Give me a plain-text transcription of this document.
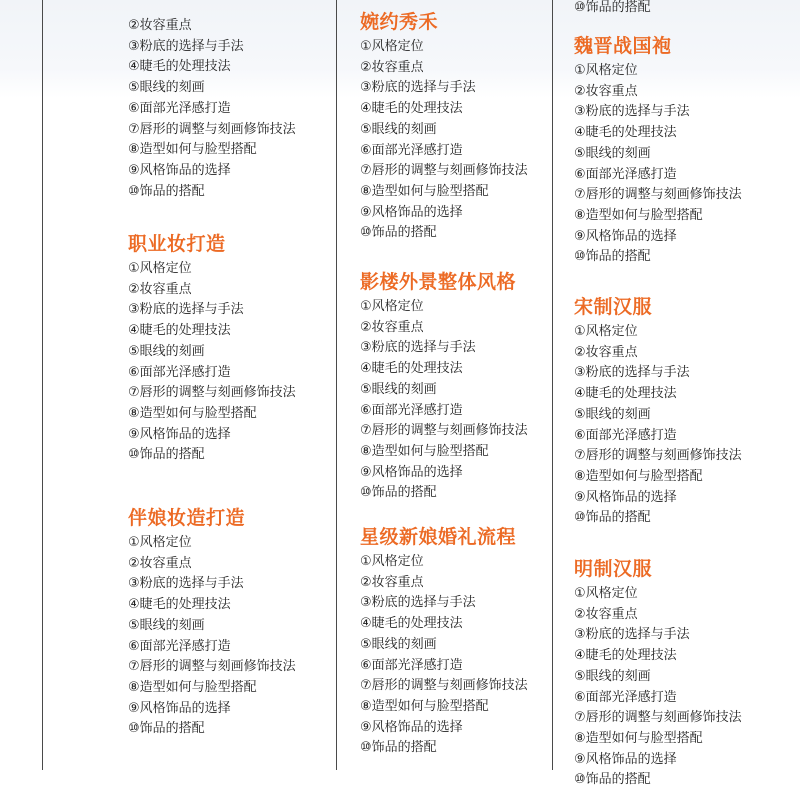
②妆容重点
③粉底的选择与手法
④睫毛的处理技法
⑤眼线的刻画
⑥面部光泽感打造
⑦唇形的调整与刻画修饰技法
⑧造型如何与脸型搭配
⑨风格饰品的选择
⑩饰品的搭配
职业妆打造
①风格定位
②妆容重点
③粉底的选择与手法
④睫毛的处理技法
⑤眼线的刻画
⑥面部光泽感打造
⑦唇形的调整与刻画修饰技法
⑧造型如何与脸型搭配
⑨风格饰品的选择
⑩饰品的搭配
伴娘妆造打造
①风格定位
②妆容重点
③粉底的选择与手法
④睫毛的处理技法
⑤眼线的刻画
⑥面部光泽感打造
⑦唇形的调整与刻画修饰技法
⑧造型如何与脸型搭配
⑨风格饰品的选择
⑩饰品的搭配
婉约秀禾
①风格定位
②妆容重点
③粉底的选择与手法
④睫毛的处理技法
⑤眼线的刻画
⑥面部光泽感打造
⑦唇形的调整与刻画修饰技法
⑧造型如何与脸型搭配
⑨风格饰品的选择
⑩饰品的搭配
影楼外景整体风格
①风格定位
②妆容重点
③粉底的选择与手法
④睫毛的处理技法
⑤眼线的刻画
⑥面部光泽感打造
⑦唇形的调整与刻画修饰技法
⑧造型如何与脸型搭配
⑨风格饰品的选择
⑩饰品的搭配
星级新娘婚礼流程
①风格定位
②妆容重点
③粉底的选择与手法
④睫毛的处理技法
⑤眼线的刻画
⑥面部光泽感打造
⑦唇形的调整与刻画修饰技法
⑧造型如何与脸型搭配
⑨风格饰品的选择
⑩饰品的搭配
⑩饰品的搭配
魏晋战国袍
①风格定位
②妆容重点
③粉底的选择与手法
④睫毛的处理技法
⑤眼线的刻画
⑥面部光泽感打造
⑦唇形的调整与刻画修饰技法
⑧造型如何与脸型搭配
⑨风格饰品的选择
⑩饰品的搭配
宋制汉服
①风格定位
②妆容重点
③粉底的选择与手法
④睫毛的处理技法
⑤眼线的刻画
⑥面部光泽感打造
⑦唇形的调整与刻画修饰技法
⑧造型如何与脸型搭配
⑨风格饰品的选择
⑩饰品的搭配
明制汉服
①风格定位
②妆容重点
③粉底的选择与手法
④睫毛的处理技法
⑤眼线的刻画
⑥面部光泽感打造
⑦唇形的调整与刻画修饰技法
⑧造型如何与脸型搭配
⑨风格饰品的选择
⑩饰品的搭配
